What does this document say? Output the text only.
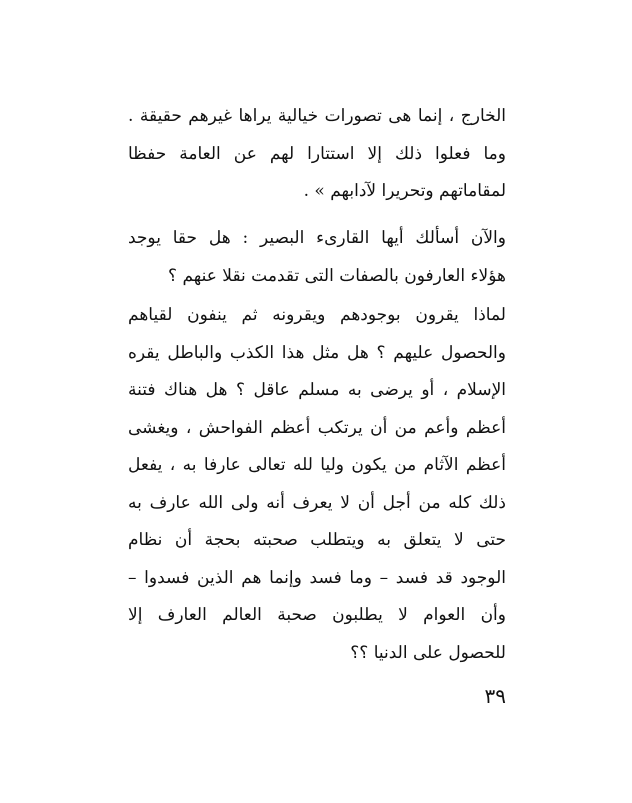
الخارج ، إنما هى تصورات خيالية يراها غيرهم حقيقة .
وما فعلوا ذلك إلا استتارا لهم عن العامة حفظا
لمقاماتهم وتحريرا لآدابهم » .
والآن أسألك أيها القارىء البصير : هل حقا يوجد
هؤلاء العارفون بالصفات التى تقدمت نقلا عنهم ؟
لماذا يقرون بوجودهم ويقرونه ثم ينفون لقياهم
والحصول عليهم ؟ هل مثل هذا الكذب والباطل يقره
الإسلام ، أو يرضى به مسلم عاقل ؟ هل هناك فتنة
أعظم وأعم من أن يرتكب أعظم الفواحش ، ويغشى
أعظم الآثام من يكون وليا لله تعالى عارفا به ، يفعل
ذلك كله من أجل أن لا يعرف أنه ولى الله عارف به
حتى لا يتعلق به ويتطلب صحبته بحجة أن نظام
الوجود قد فسد – وما فسد وإنما هم الذين فسدوا –
وأن العوام لا يطلبون صحبة العالم العارف إلا
للحصول على الدنيا ؟؟
٣٩
